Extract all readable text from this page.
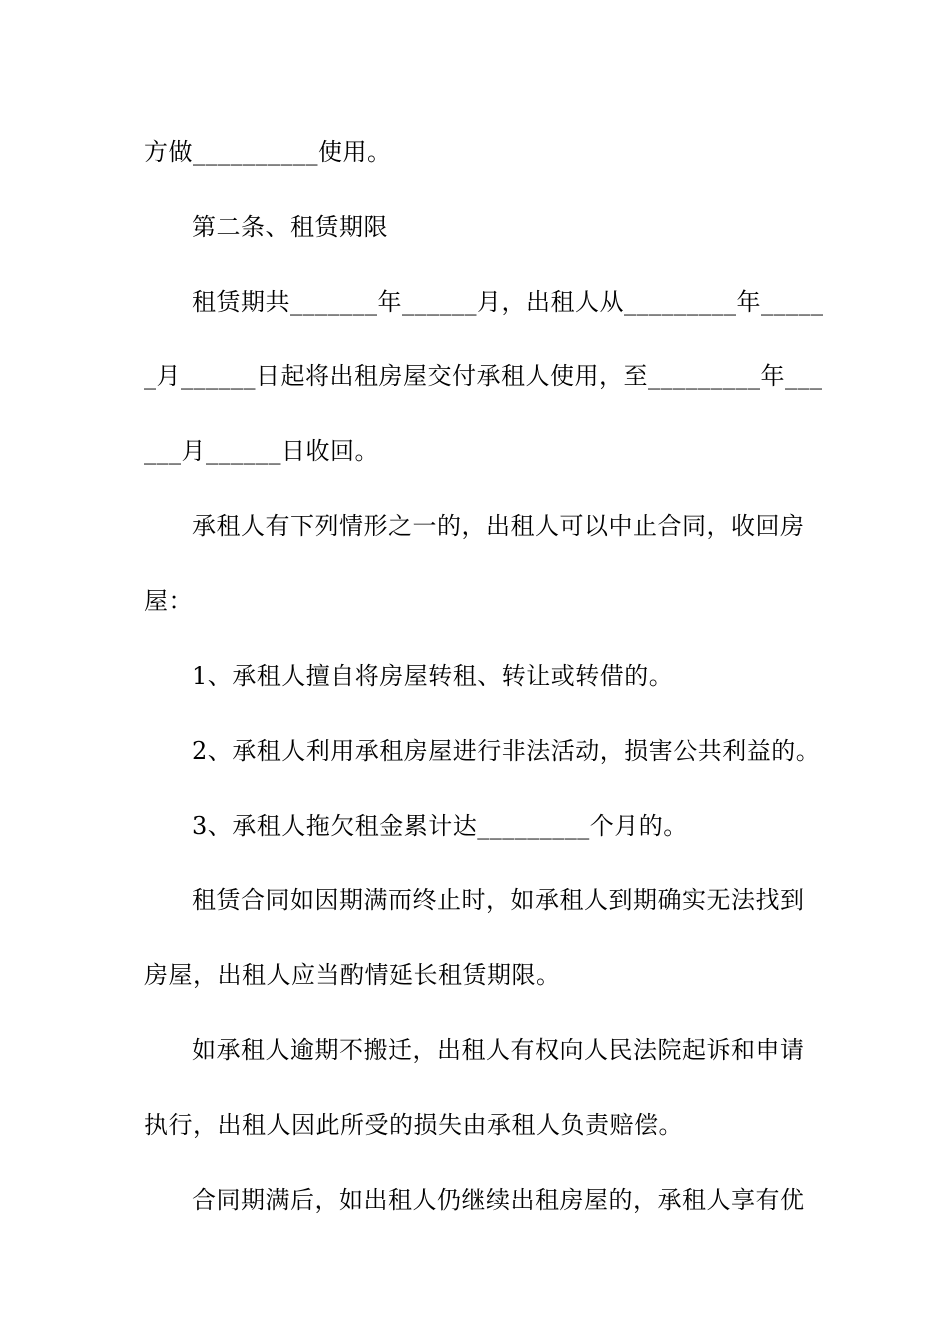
方做__________使用。
第二条、租赁期限
租赁期共_______年______月，出租人从_________年_____
_月______日起将出租房屋交付承租人使用，至_________年___
___月______日收回。
承租人有下列情形之一的，出租人可以中止合同，收回房
屋：
1、承租人擅自将房屋转租、转让或转借的。
2、承租人利用承租房屋进行非法活动，损害公共利益的。
3、承租人拖欠租金累计达_________个月的。
租赁合同如因期满而终止时，如承租人到期确实无法找到
房屋，出租人应当酌情延长租赁期限。
如承租人逾期不搬迁，出租人有权向人民法院起诉和申请
执行，出租人因此所受的损失由承租人负责赔偿。
合同期满后，如出租人仍继续出租房屋的，承租人享有优
